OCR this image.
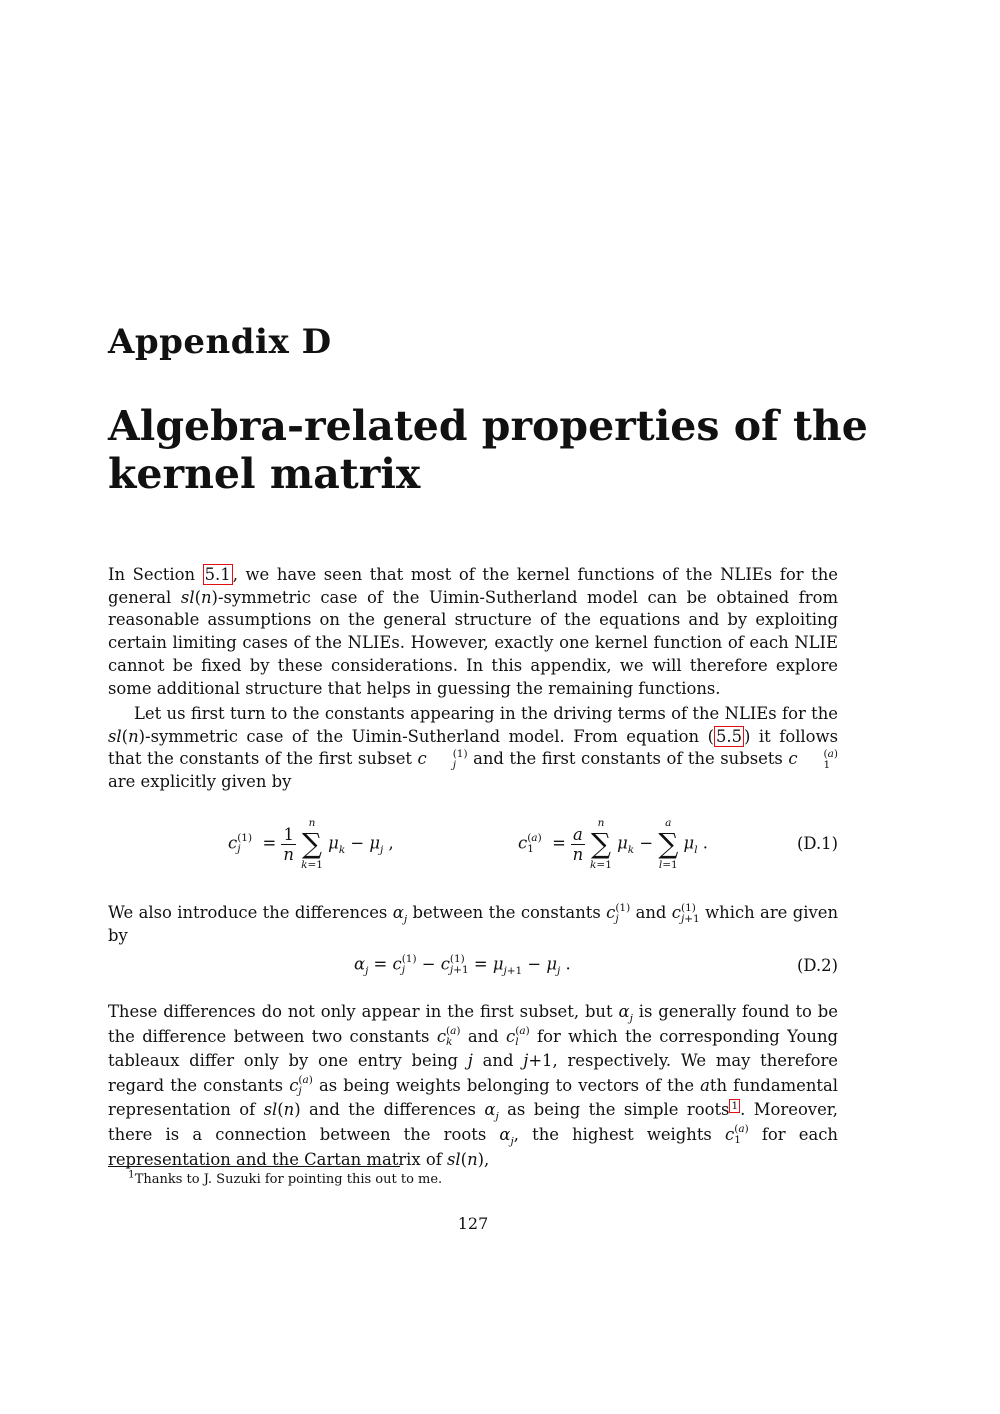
Appendix D
Algebra-related properties of the kernel matrix
In Section 5.1 , we have seen that most of the kernel functions of the NLIEs for the general sl(n)-symmetric case of the Uimin-Sutherland model can be obtained from reasonable assumptions on the general structure of the equations and by exploiting certain limiting cases of the NLIEs. However, exactly one kernel function of each NLIE cannot be fixed by these considerations. In this appendix, we will therefore explore some additional structure that helps in guessing the remaining functions.
Let us first turn to the constants appearing in the driving terms of the NLIEs for the sl(n)-symmetric case of the Uimin-Sutherland model. From equation ( 5.5 ) it follows that the constants of the first subset c	(1)
j and the first constants of the subsets c	(a)
1
are explicitly given by
c (1)
$j = \frac{1}{n}$

n
∑
k=1
$\mu_k - \mu_j$ ,	c (a)
$1 = \frac{a}{n}$

n
∑
k=1
$\mu_k$ −
a
∑
l=1
$\mu_l$ .	(D.1)
We also introduce the differences $\alpha_j$ between the constants c (1)
j and c (1)
j+1 which are given by
$\alpha_j = c$ (1)
j − c (1)
$j+1 = \mu_{j+1} - \mu_j$ .	(D.2)
These differences do not only appear in the first subset, but $\alpha_j$ is generally found to be the difference between two constants c (a)
k and c (a)
l for which the corresponding Young tableaux differ only by one entry being j and j+1, respectively. We may therefore regard the constants c (a)
j as being weights belonging to vectors of the ath fundamental representation of sl(n) and the differences $\alpha_j$ as being the simple roots $^1$ . Moreover, there is a connection between the roots $\alpha_j$, the highest weights c (a)
1 for each representation and the Cartan matrix of sl(n),
$^1$Thanks to J. Suzuki for pointing this out to me.
127
